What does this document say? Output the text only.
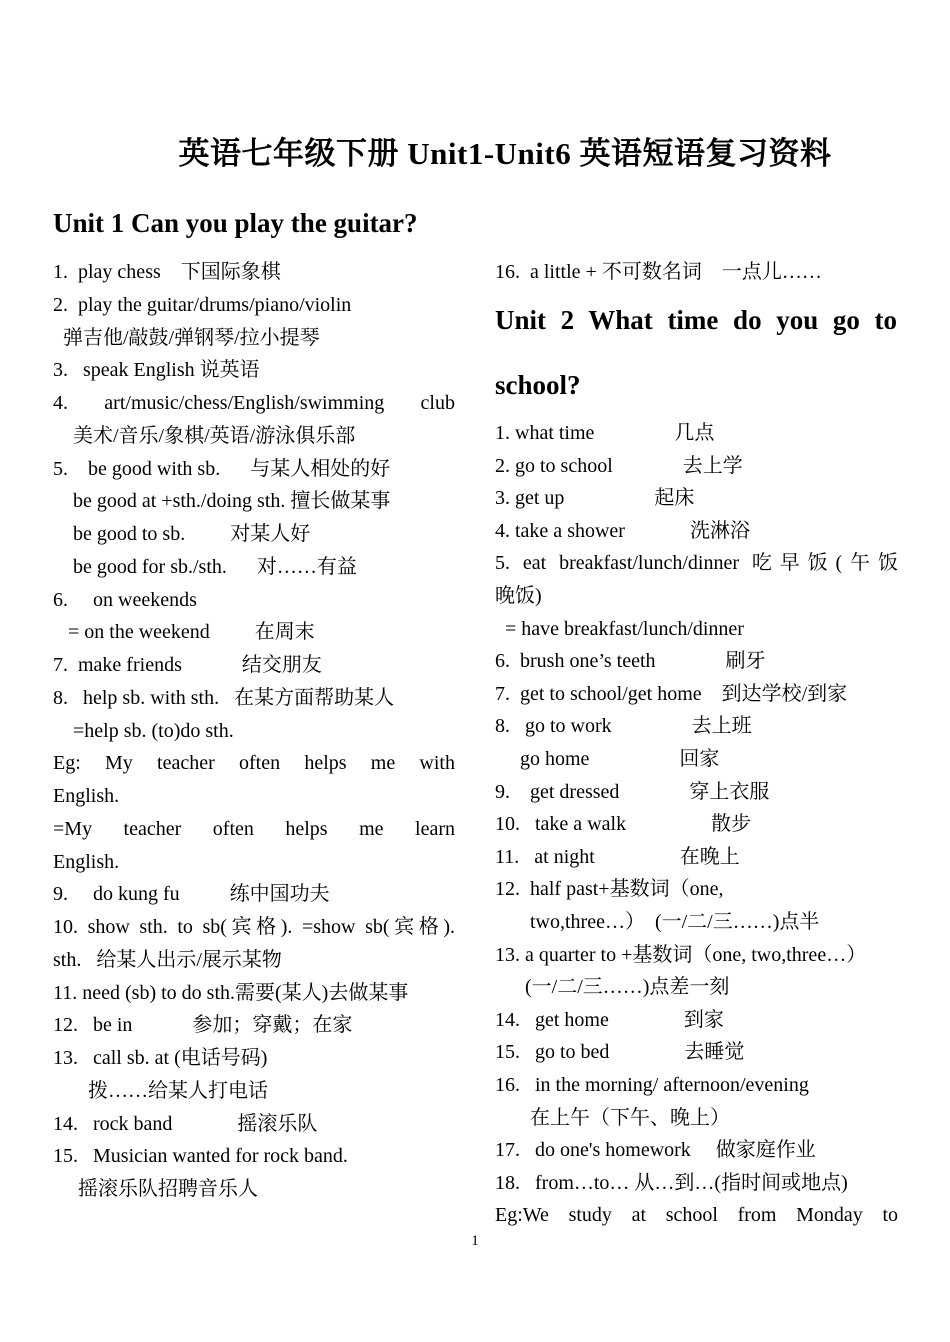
英语七年级下册 Unit1-Unit6 英语短语复习资料
Unit 1 Can you play the guitar?
1.  play chess    下国际象棋
2.  play the guitar/drums/piano/violin
弹吉他/敲鼓/弹钢琴/拉小提琴
3.   speak English 说英语
4. art/music/chess/English/swimming club
美术/音乐/象棋/英语/游泳俱乐部
5.    be good with sb.      与某人相处的好
be good at +sth./doing sth. 擅长做某事
be good to sb.         对某人好
be good for sb./sth.      对……有益
6.     on weekends
= on the weekend         在周末
7.  make friends            结交朋友
8.   help sb. with sth.   在某方面帮助某人
=help sb. (to)do sth.
Eg: My teacher often helps me with
English.
=My teacher often helps me learn
English.
9.     do kung fu          练中国功夫
10. show sth. to sb(宾格). =show sb(宾格).
sth.   给某人出示/展示某物
11. need (sb) to do sth.需要(某人)去做某事
12.   be in            参加；穿戴；在家
13.   call sb. at (电话号码)
拨……给某人打电话
14.   rock band             摇滚乐队
15.   Musician wanted for rock band.
摇滚乐队招聘音乐人
16.  a little + 不可数名词    一点儿……
Unit 2 What time do you go to
school?
1. what time                几点
2. go to school              去上学
3. get up                  起床
4. take a shower             洗淋浴
5. eat breakfast/lunch/dinner 吃早饭(午饭
晚饭)
= have breakfast/lunch/dinner
6.  brush one’s teeth              刷牙
7.  get to school/get home    到达学校/到家
8.   go to work                去上班
go home                  回家
9.    get dressed              穿上衣服
10.   take a walk                 散步
11.   at night                 在晚上
12.  half past+基数词（one,
two,three…）  (一/二/三……)点半
13. a quarter to +基数词（one, two,three…）
(一/二/三……)点差一刻
14.   get home               到家
15.   go to bed               去睡觉
16.   in the morning/ afternoon/evening
在上午（下午、晚上）
17.   do one's homework     做家庭作业
18.   from…to… 从…到…(指时间或地点)
Eg:We study at school from Monday to
1
